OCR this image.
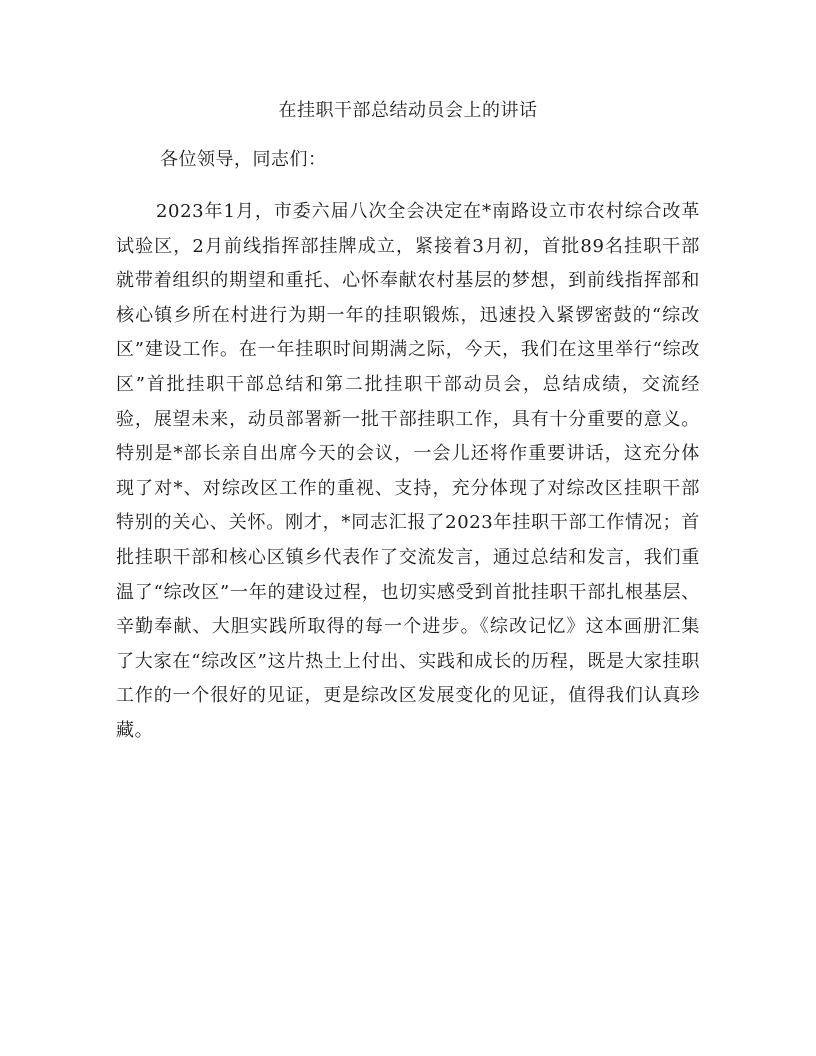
在挂职干部总结动员会上的讲话

各位领导，同志们：

2023年1月，市委六届八次全会决定在*南路设立市农村综合改革试验区，2月前线指挥部挂牌成立，紧接着3月初，首批89名挂职干部就带着组织的期望和重托、心怀奉献农村基层的梦想，到前线指挥部和核心镇乡所在村进行为期一年的挂职锻炼，迅速投入紧锣密鼓的“综改区”建设工作。在一年挂职时间期满之际，今天，我们在这里举行“综改区”首批挂职干部总结和第二批挂职干部动员会，总结成绩，交流经验，展望未来，动员部署新一批干部挂职工作，具有十分重要的意义。特别是*部长亲自出席今天的会议，一会儿还将作重要讲话，这充分体现了对*、对综改区工作的重视、支持，充分体现了对综改区挂职干部特别的关心、关怀。刚才，*同志汇报了2023年挂职干部工作情况；首批挂职干部和核心区镇乡代表作了交流发言，通过总结和发言，我们重温了“综改区”一年的建设过程，也切实感受到首批挂职干部扎根基层、辛勤奉献、大胆实践所取得的每一个进步。《综改记忆》这本画册汇集了大家在“综改区”这片热土上付出、实践和成长的历程，既是大家挂职工作的一个很好的见证，更是综改区发展变化的见证，值得我们认真珍藏。
